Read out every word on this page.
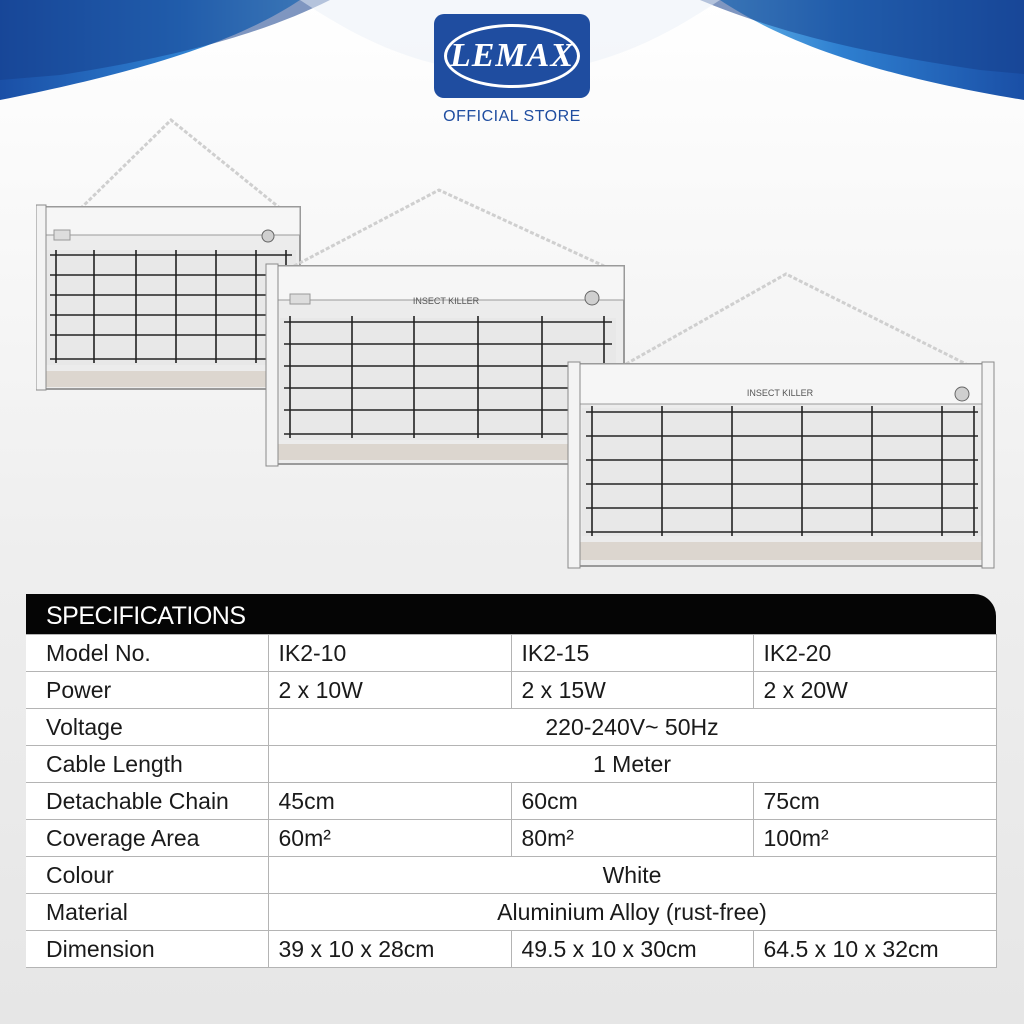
LEMAX
OFFICIAL STORE
INSECT KILLER
INSECT KILLER
SPECIFICATIONS
Model No.	IK2-10	IK2-15	IK2-20
Power	2 x 10W	2 x 15W	2 x 20W
Voltage	220-240V~ 50Hz		
Cable Length	1 Meter		
Detachable Chain	45cm	60cm	75cm
Coverage Area	60m²	80m²	100m²
Colour	White		
Material	Aluminium Alloy (rust-free)		
Dimension	39 x 10 x 28cm	49.5 x 10 x 30cm	64.5 x 10 x 32cm
